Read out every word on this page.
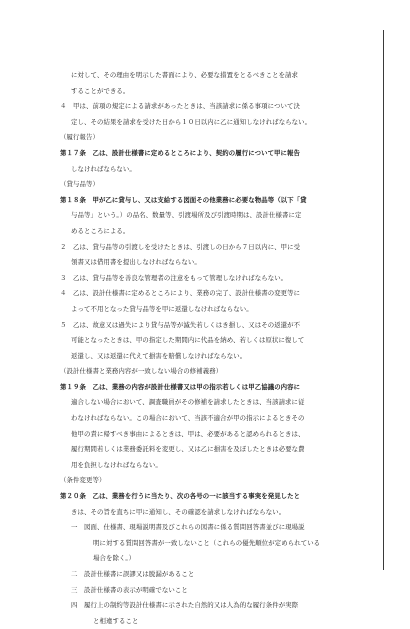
に対して、その理由を明示した書面により、必要な措置をとるべきことを請求
することができる。
４　甲は、前項の規定による請求があったときは、当該請求に係る事項について決
定し、その結果を請求を受けた日から１０日以内に乙に通知しなければならない。
（履行報告）
第１７条　乙は、設計仕様書に定めるところにより、契約の履行について甲に報告
しなければならない。
（貸与品等）
第１８条　甲が乙に貸与し、又は支給する図面その他業務に必要な物品等（以下「貸
与品等」という。）の品名、数量等、引渡場所及び引渡時期は、設計仕様書に定
めるところによる。
２　乙は、貸与品等の引渡しを受けたときは、引渡しの日から７日以内に、甲に受
領書又は借用書を提出しなければならない。
３　乙は、貸与品等を善良な管理者の注意をもって管理しなければならない。
４　乙は、設計仕様書に定めるところにより、業務の完了、設計仕様書の変更等に
よって不用となった貸与品等を甲に返還しなければならない。
５　乙は、故意又は過失により貸与品等が滅失若しくはき損し、又はその返還が不
可能となったときは、甲の指定した期間内に代品を納め、若しくは原状に復して
返還し、又は返還に代えて損害を賠償しなければならない。
（設計仕様書と業務内容が一致しない場合の修補義務）
第１９条　乙は、業務の内容が設計仕様書又は甲の指示若しくは甲乙協議の内容に
適合しない場合において、調査職員がその修補を請求したときは、当該請求に従
わなければならない。この場合において、当該不適合が甲の指示によるときその
他甲の責に帰すべき事由によるときは、甲は、必要があると認められるときは、
履行期間若しくは業務委託料を変更し、又は乙に損害を及ぼしたときは必要な費
用を負担しなければならない。
（条件変更等）
第２０条　乙は、業務を行うに当たり、次の各号の一に該当する事実を発見したと
きは、その旨を直ちに甲に通知し、その確認を請求しなければならない。
一　図面、仕様書、現場説明書及びこれらの図書に係る質問回答書並びに現場説
明に対する質問回答書が一致しないこと（これらの優先順位が定められている
場合を除く。）
二　設計仕様書に誤謬又は脱漏があること
三　設計仕様書の表示が明確でないこと
四　履行上の制約等設計仕様書に示された自然的又は人為的な履行条件が実際
と相違すること
